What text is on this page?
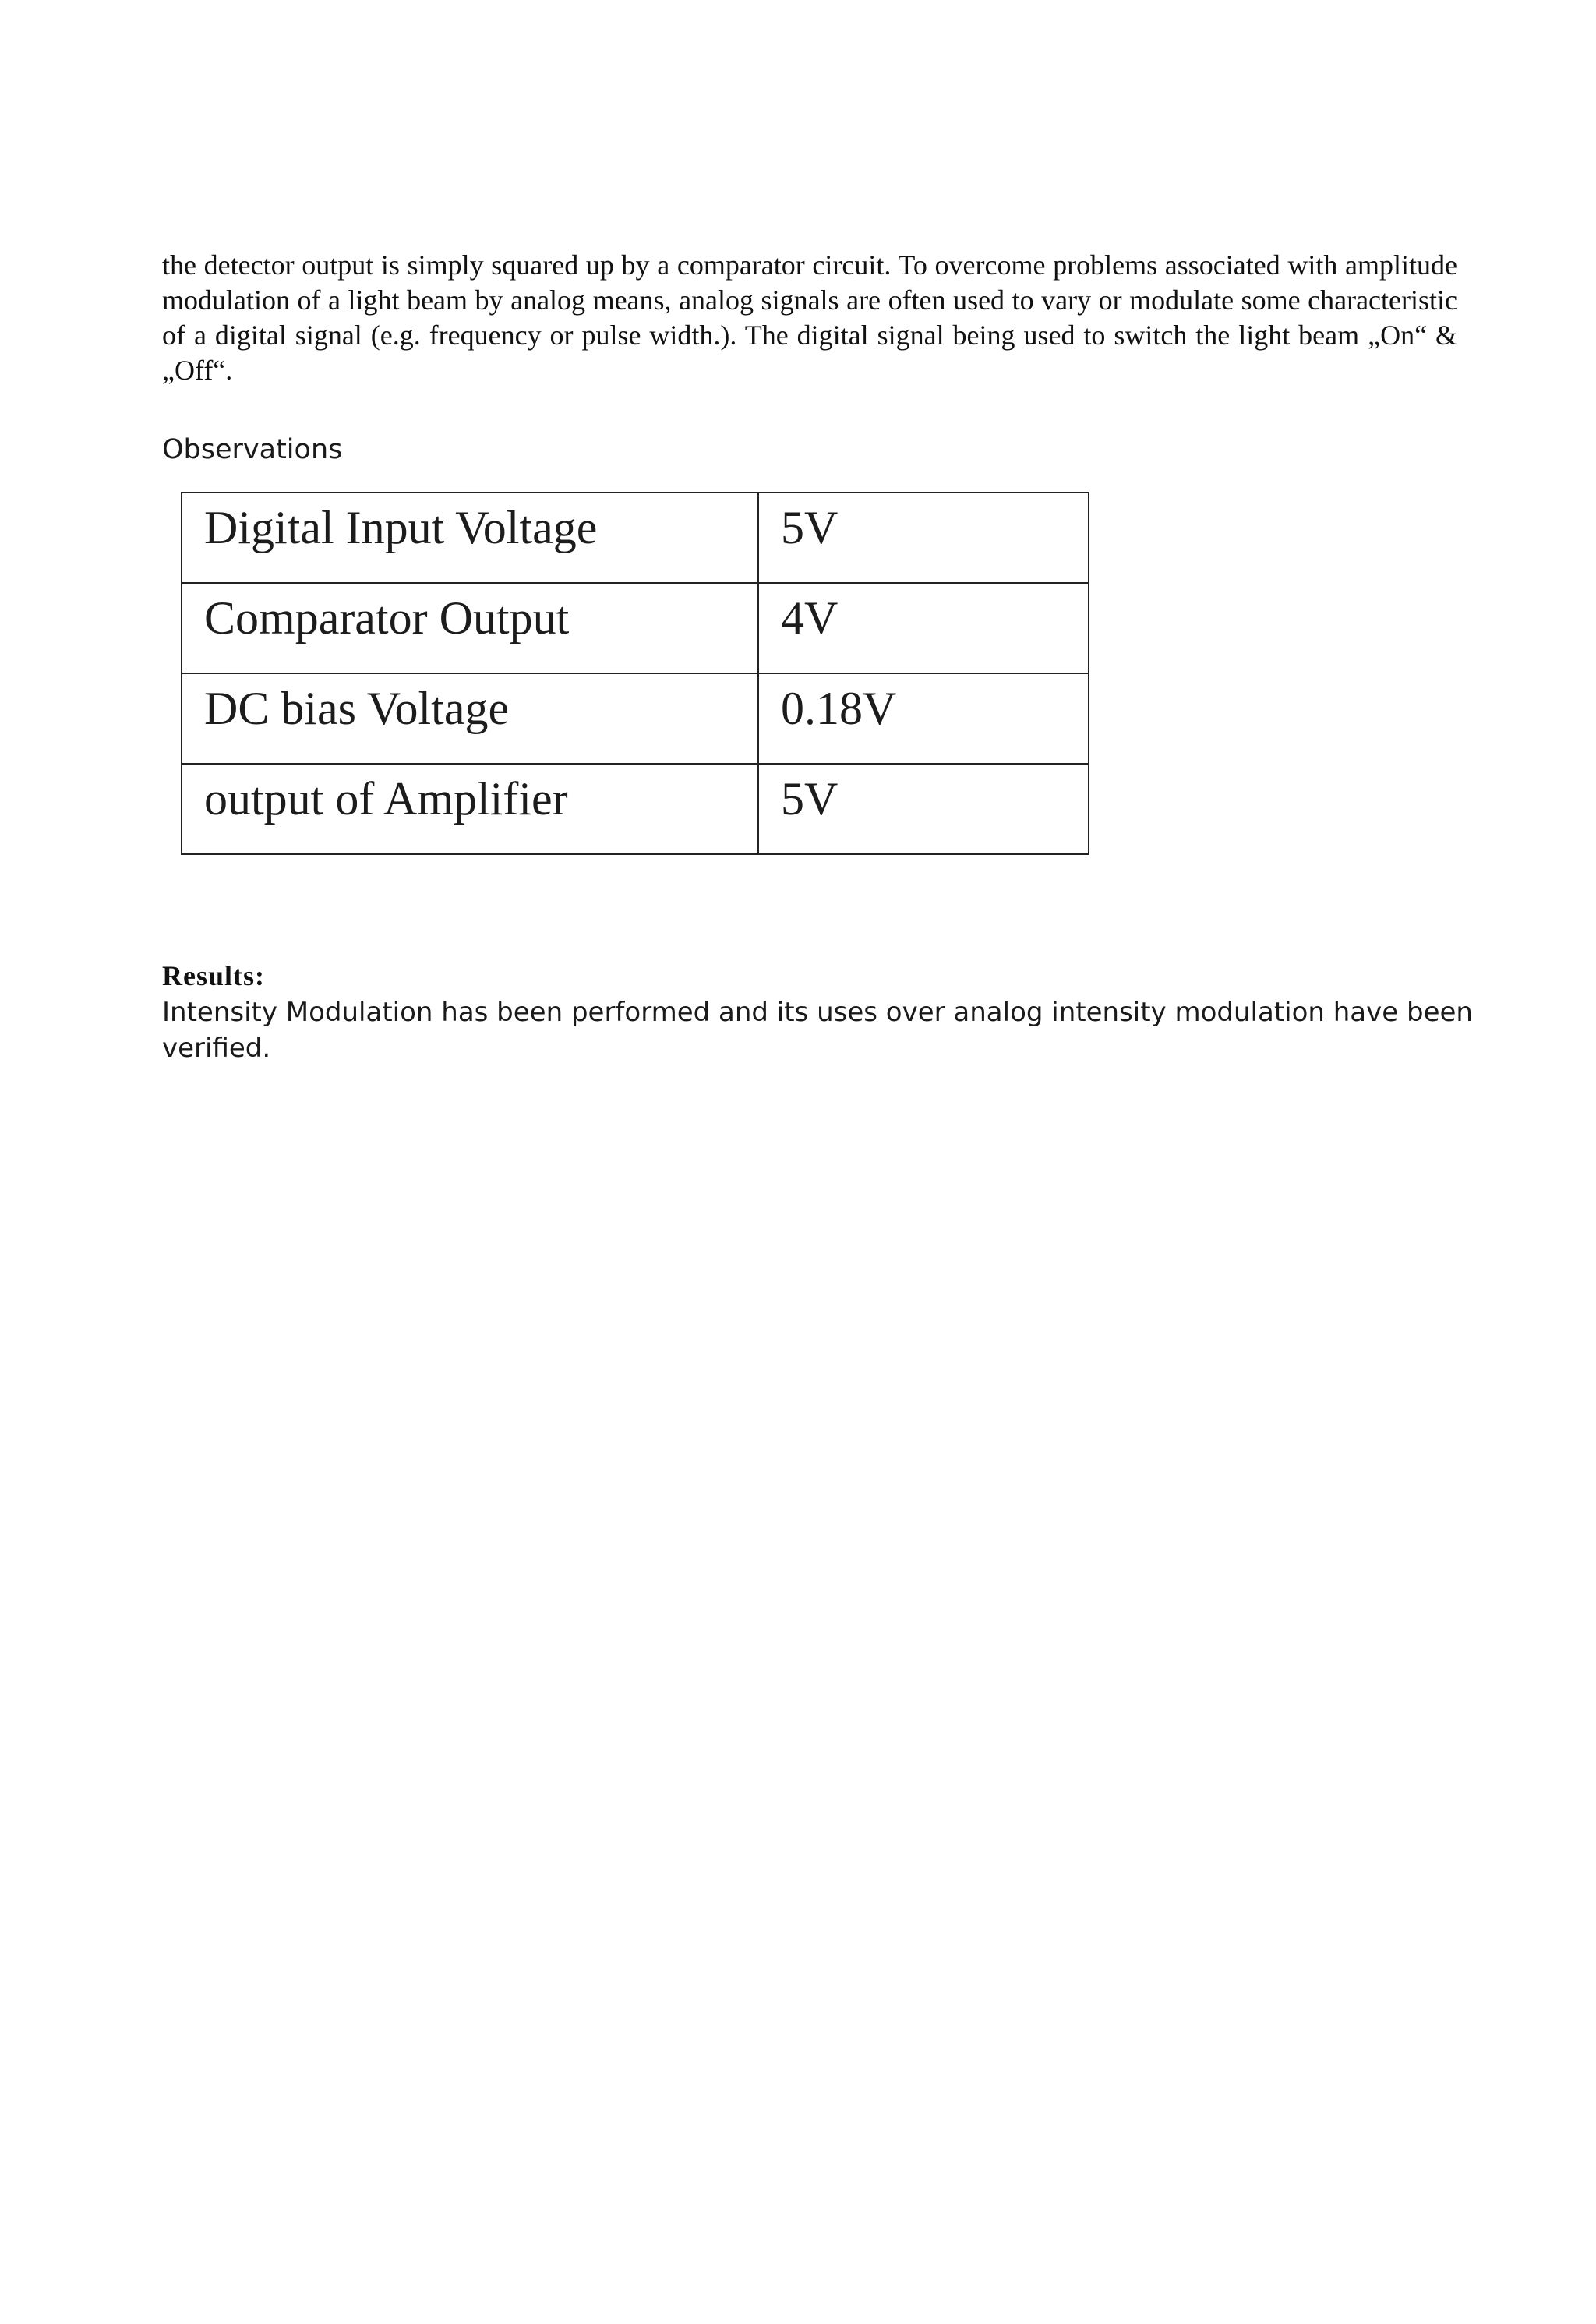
the detector output is simply squared up by a comparator circuit. To overcome problems associated with amplitude modulation of a light beam by analog means, analog signals are often used to vary or modulate some characteristic of a digital signal (e.g. frequency or pulse width.). The digital signal being used to switch the light beam „On“ & „Off“.

Observations
Digital Input Voltage	5V
Comparator Output	4V
DC bias Voltage	0.18V
output of Amplifier	5V
Results:

Intensity Modulation has been performed and its uses over analog intensity modulation have been verified.
